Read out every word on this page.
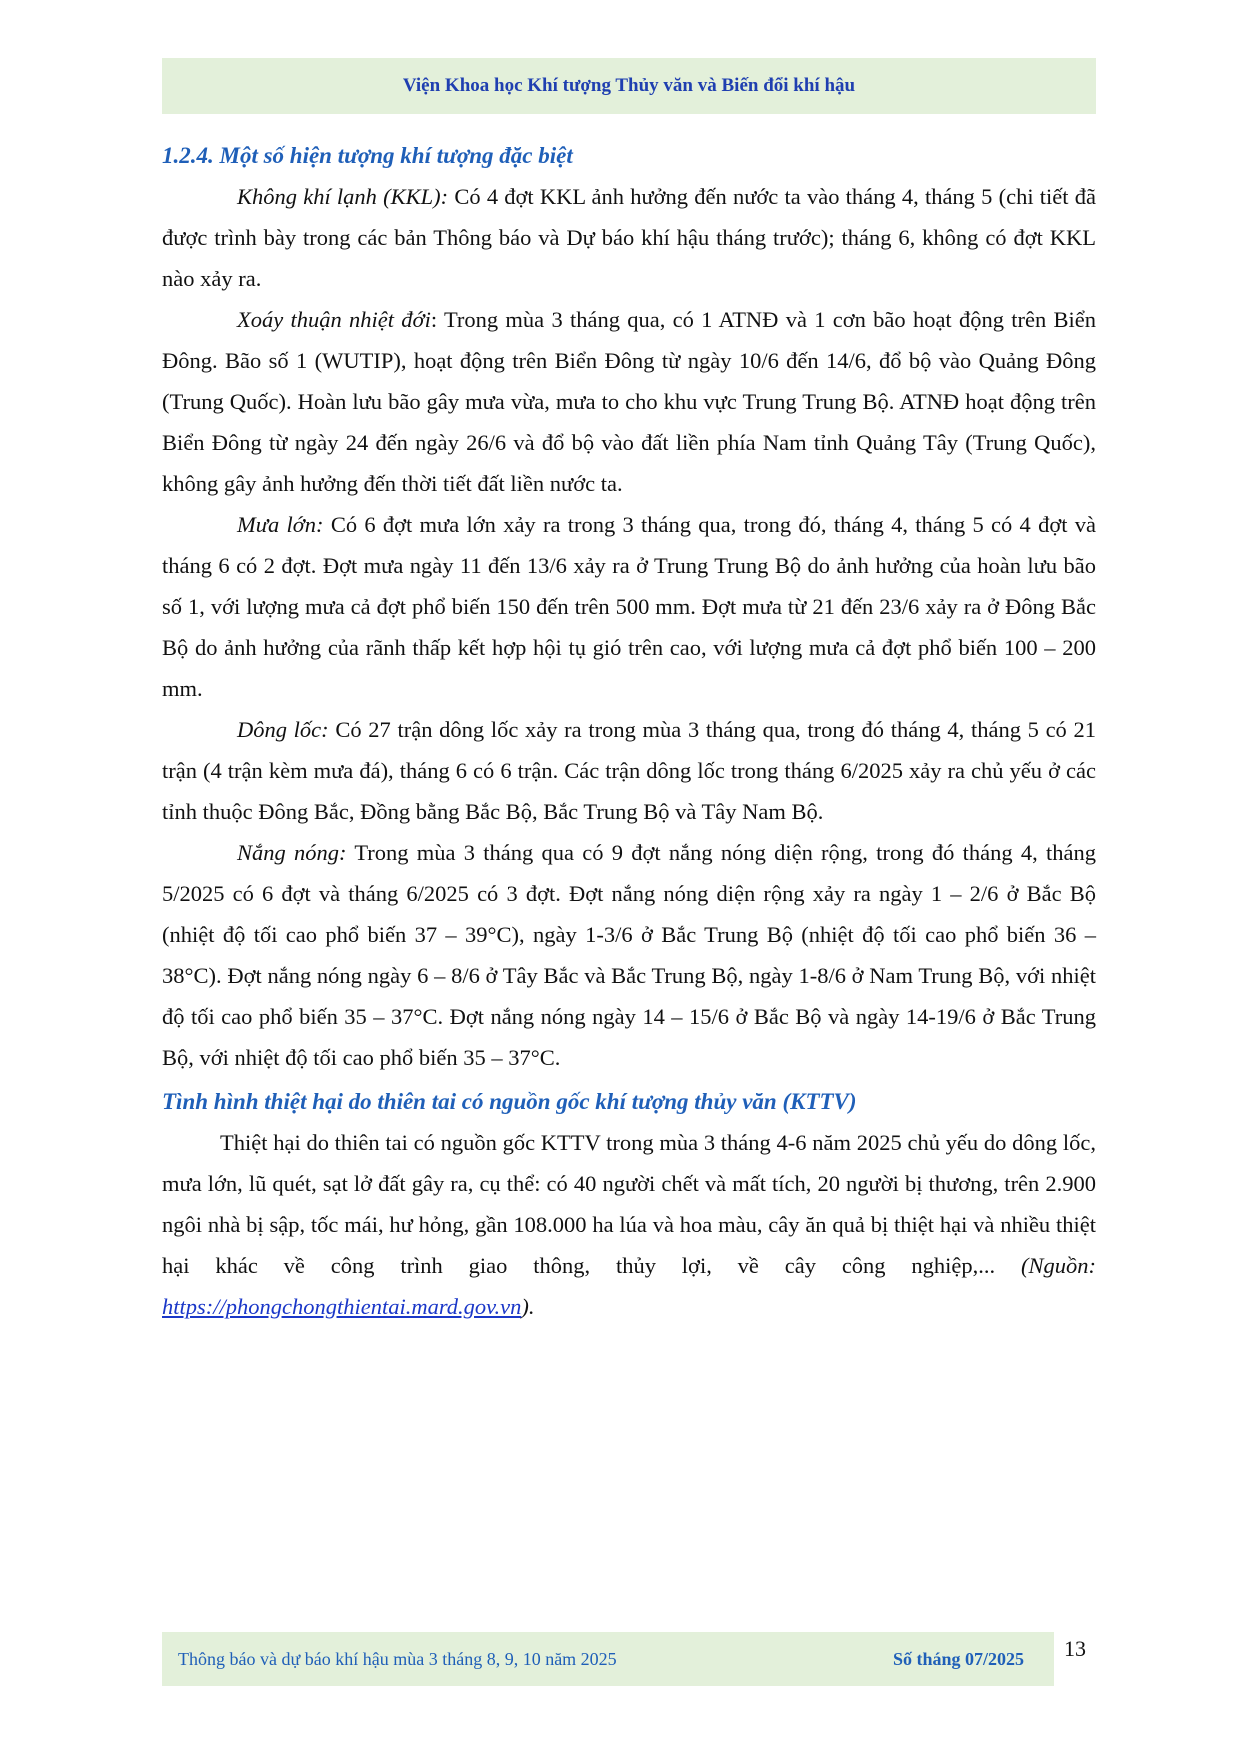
Viện Khoa học Khí tượng Thủy văn và Biến đổi khí hậu
1.2.4. Một số hiện tượng khí tượng đặc biệt

Không khí lạnh (KKL): Có 4 đợt KKL ảnh hưởng đến nước ta vào tháng 4, tháng 5 (chi tiết đã được trình bày trong các bản Thông báo và Dự báo khí hậu tháng trước); tháng 6, không có đợt KKL nào xảy ra.

Xoáy thuận nhiệt đới: Trong mùa 3 tháng qua, có 1 ATNĐ và 1 cơn bão hoạt động trên Biển Đông. Bão số 1 (WUTIP), hoạt động trên Biển Đông từ ngày 10/6 đến 14/6, đổ bộ vào Quảng Đông (Trung Quốc). Hoàn lưu bão gây mưa vừa, mưa to cho khu vực Trung Trung Bộ. ATNĐ hoạt động trên Biển Đông từ ngày 24 đến ngày 26/6 và đổ bộ vào đất liền phía Nam tỉnh Quảng Tây (Trung Quốc), không gây ảnh hưởng đến thời tiết đất liền nước ta.

Mưa lớn: Có 6 đợt mưa lớn xảy ra trong 3 tháng qua, trong đó, tháng 4, tháng 5 có 4 đợt và tháng 6 có 2 đợt. Đợt mưa ngày 11 đến 13/6 xảy ra ở Trung Trung Bộ do ảnh hưởng của hoàn lưu bão số 1, với lượng mưa cả đợt phổ biến 150 đến trên 500 mm. Đợt mưa từ 21 đến 23/6 xảy ra ở Đông Bắc Bộ do ảnh hưởng của rãnh thấp kết hợp hội tụ gió trên cao, với lượng mưa cả đợt phổ biến 100 – 200 mm.

Dông lốc: Có 27 trận dông lốc xảy ra trong mùa 3 tháng qua, trong đó tháng 4, tháng 5 có 21 trận (4 trận kèm mưa đá), tháng 6 có 6 trận. Các trận dông lốc trong tháng 6/2025 xảy ra chủ yếu ở các tỉnh thuộc Đông Bắc, Đồng bằng Bắc Bộ, Bắc Trung Bộ và Tây Nam Bộ.

Nắng nóng: Trong mùa 3 tháng qua có 9 đợt nắng nóng diện rộng, trong đó tháng 4, tháng 5/2025 có 6 đợt và tháng 6/2025 có 3 đợt. Đợt nắng nóng diện rộng xảy ra ngày 1 – 2/6 ở Bắc Bộ (nhiệt độ tối cao phổ biến 37 – 39°C), ngày 1-3/6 ở Bắc Trung Bộ (nhiệt độ tối cao phổ biến 36 – 38°C). Đợt nắng nóng ngày 6 – 8/6 ở Tây Bắc và Bắc Trung Bộ, ngày 1-8/6 ở Nam Trung Bộ, với nhiệt độ tối cao phổ biến 35 – 37°C. Đợt nắng nóng ngày 14 – 15/6 ở Bắc Bộ và ngày 14-19/6 ở Bắc Trung Bộ, với nhiệt độ tối cao phổ biến 35 – 37°C.

Tình hình thiệt hại do thiên tai có nguồn gốc khí tượng thủy văn (KTTV)

Thiệt hại do thiên tai có nguồn gốc KTTV trong mùa 3 tháng 4-6 năm 2025 chủ yếu do dông lốc, mưa lớn, lũ quét, sạt lở đất gây ra, cụ thể: có 40 người chết và mất tích, 20 người bị thương, trên 2.900 ngôi nhà bị sập, tốc mái, hư hỏng, gần 108.000 ha lúa và hoa màu, cây ăn quả bị thiệt hại và nhiều thiệt hại khác về công trình giao thông, thủy lợi, về cây công nghiệp,... (Nguồn: https://phongchongthientai.mard.gov.vn).

Thông báo và dự báo khí hậu mùa 3 tháng 8, 9, 10 năm 2025	Số tháng 07/2025 13
